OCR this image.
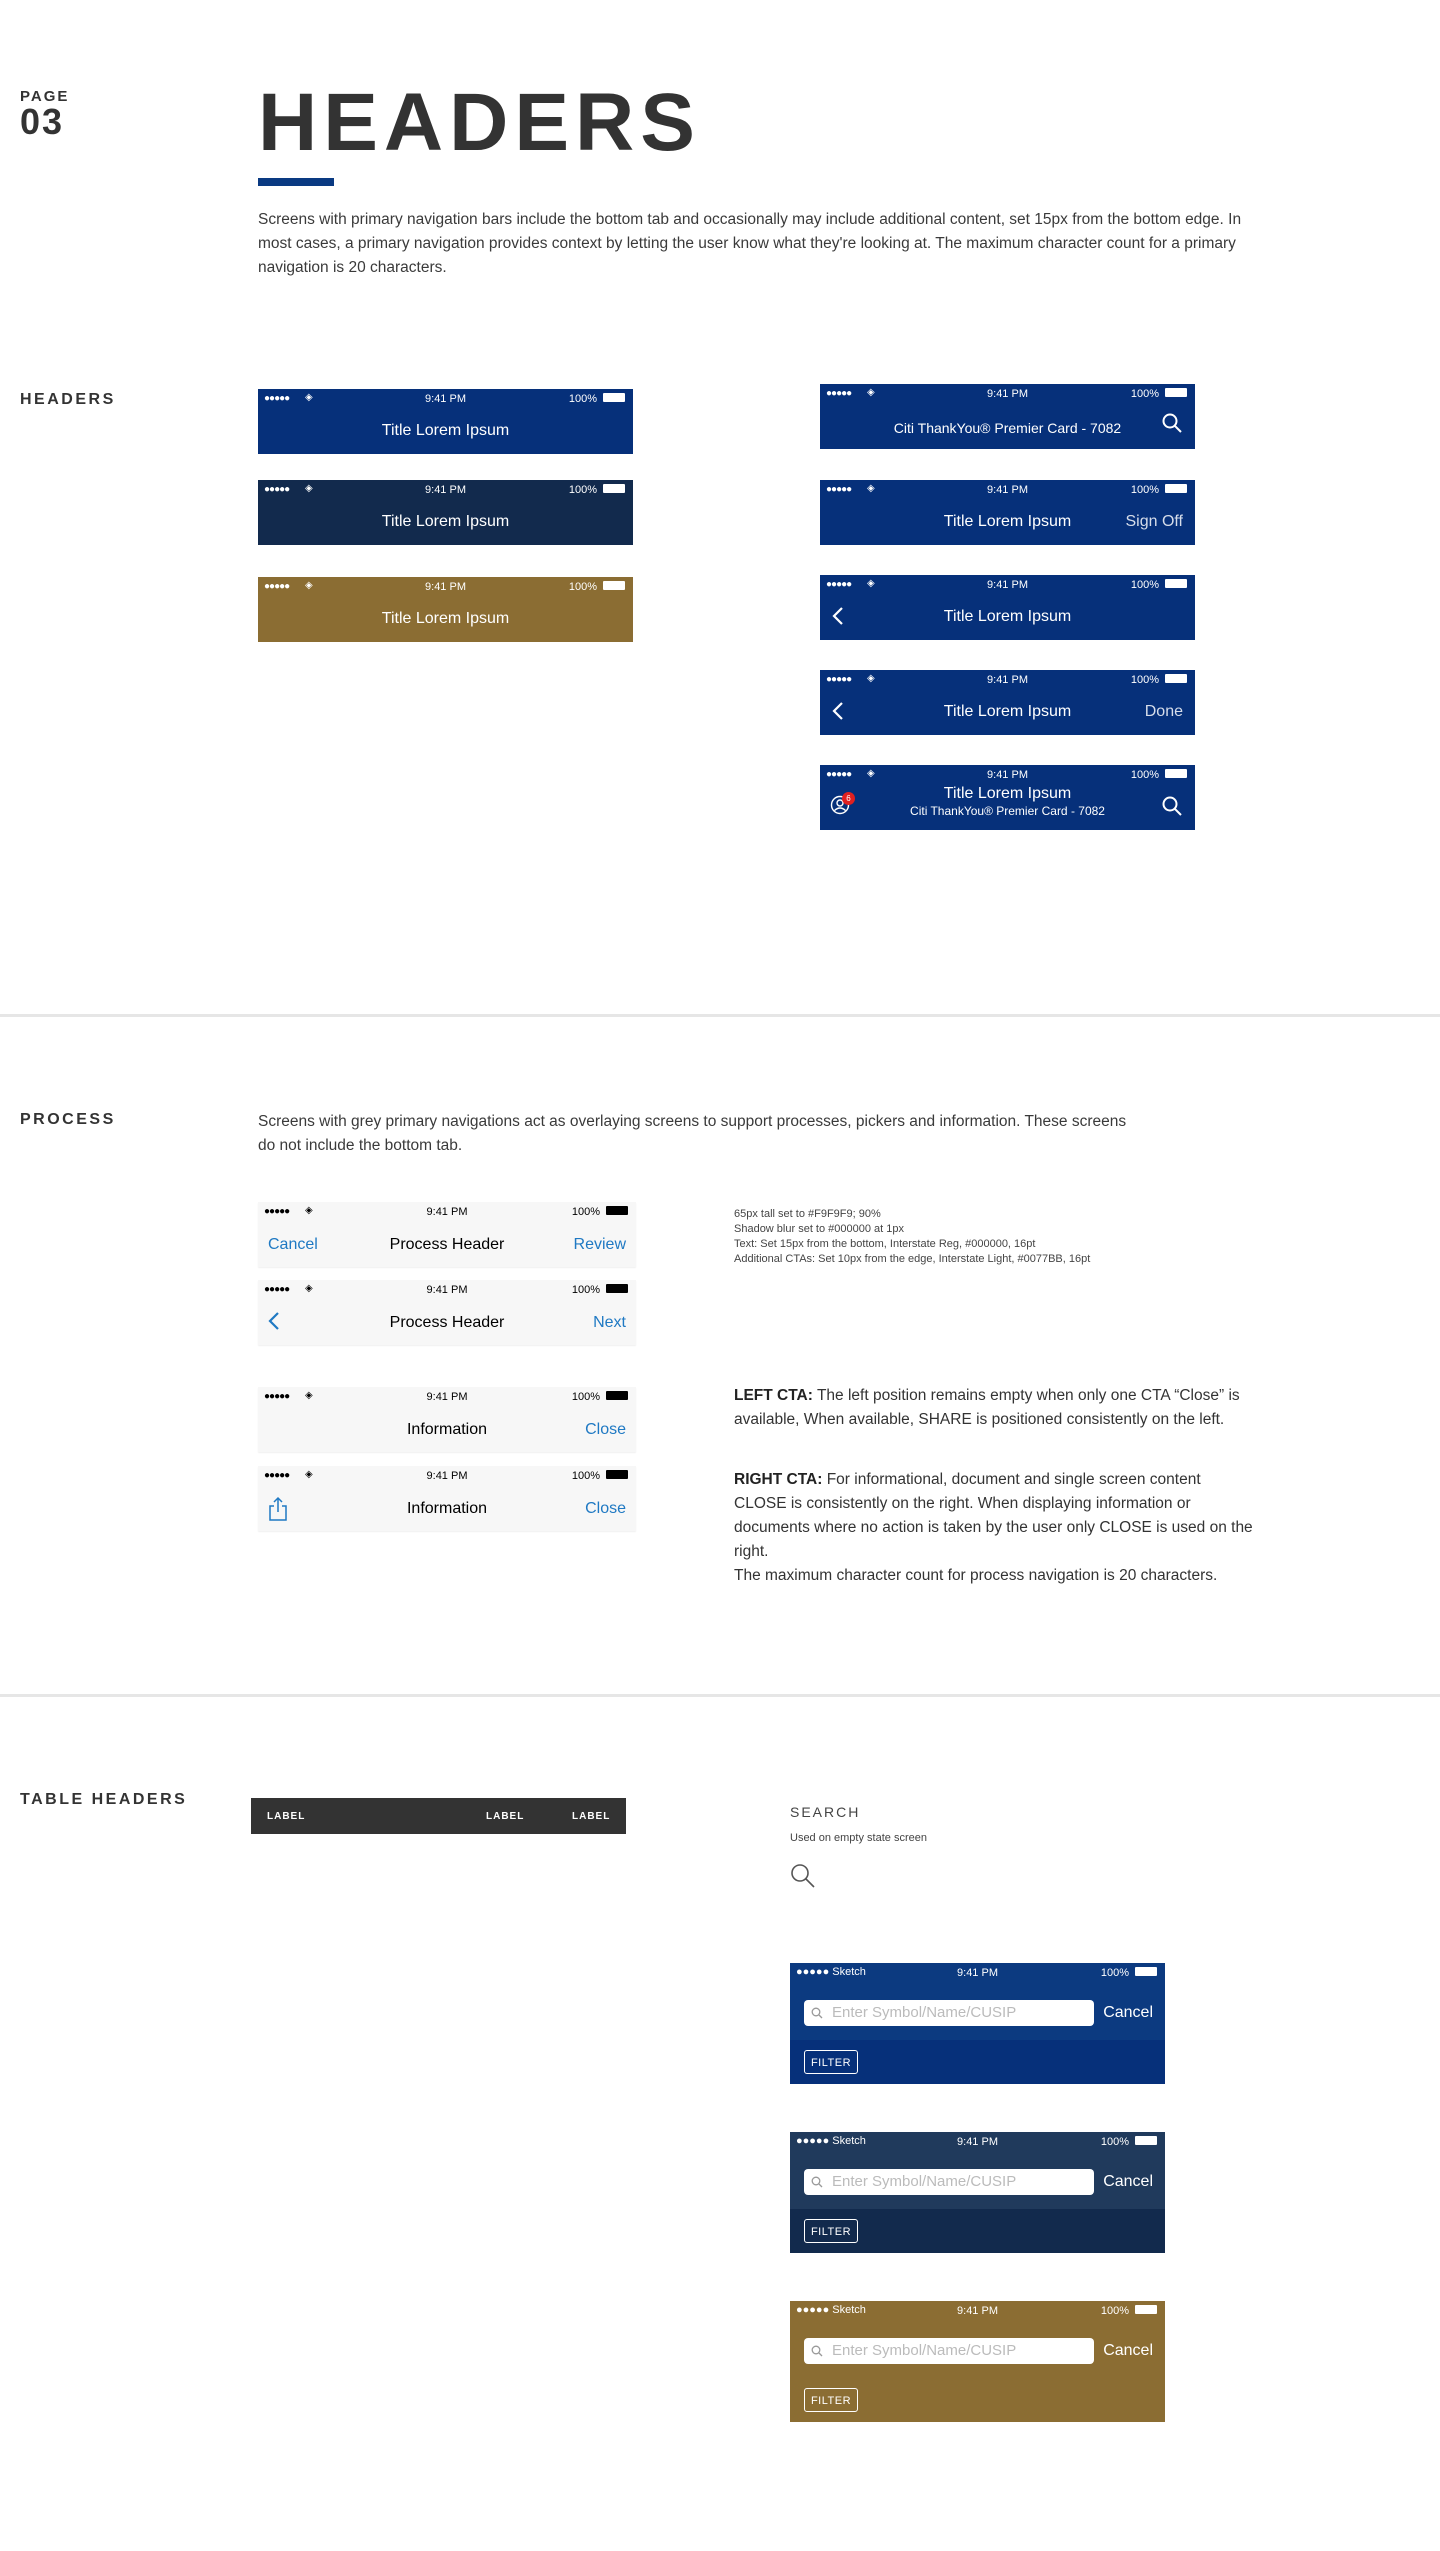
PAGE
03 HEADERS
Screens with primary navigation bars include the bottom tab and occasionally may include additional content, set 15px from the bottom edge. In most cases, a primary navigation provides context by letting the user know what they're looking at. The maximum character count for a primary navigation is 20 characters.
HEADERS	●●●●● ◈	9:41 PM	100%
Title Lorem Ipsum
●●●●● ◈	9:41 PM	100%
Title Lorem Ipsum
●●●●● ◈	9:41 PM	100%
Title Lorem Ipsum
●●●●● ◈	9:41 PM	100%
Citi ThankYou® Premier Card - 7082
●●●●● ◈	9:41 PM	100%
Title Lorem Ipsum	Sign Off
●●●●● ◈	9:41 PM	100%
Title Lorem Ipsum
●●●●● ◈	9:41 PM	100%
Title Lorem Ipsum	Done
●●●●● ◈	9:41 PM	100%
6	Title Lorem Ipsum
Citi ThankYou® Premier Card - 7082
PROCESS	Screens with grey primary navigations act as overlaying screens to support processes, pickers and information. These screens do not include the bottom tab.
●●●●● ◈	9:41 PM	100%
Cancel	Process Header	Review
●●●●● ◈	9:41 PM	100%
Process Header	Next
●●●●● ◈	9:41 PM	100%
Information	Close
●●●●● ◈	9:41 PM	100%
Information	Close
65px tall set to #F9F9F9; 90%
Shadow blur set to #000000 at 1px
Text: Set 15px from the bottom, Interstate Reg, #000000, 16pt
Additional CTAs: Set 10px from the edge, Interstate Light, #0077BB, 16pt
LEFT CTA: The left position remains empty when only one CTA “Close” is available, When available, SHARE is positioned consistently on the left.
RIGHT CTA: For informational, document and single screen content CLOSE is consistently on the right. When displaying information or documents where no action is taken by the user only CLOSE is used on the right.
The maximum character count for process navigation is 20 characters.
TABLE HEADERS
LABEL	LABEL	LABEL	SEARCH
Used on empty state screen
●●●●● Sketch	9:41 PM	100%
Enter Symbol/Name/CUSIP	Cancel
FILTER
●●●●● Sketch	9:41 PM	100%
Enter Symbol/Name/CUSIP	Cancel
FILTER
●●●●● Sketch	9:41 PM	100%
Enter Symbol/Name/CUSIP	Cancel
FILTER
